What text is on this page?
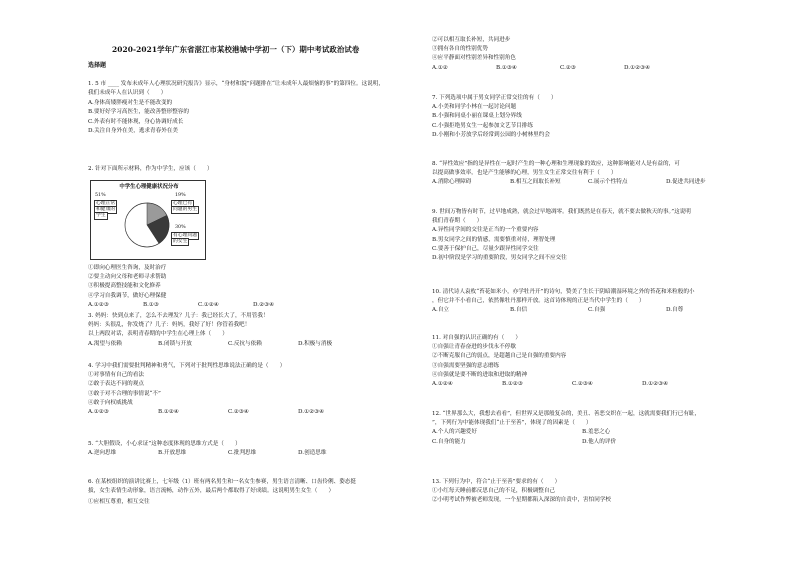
2020-2021学年广东省湛江市某校港城中学初一（下）期中考试政治试卷
选择题
1. 5 市 ____ 发布未成年人心理状况研究报告》显示，“身材和貌”问题排在“让未成年人最烦恼的事”的第四位。这说明，
我们未成年人在认识到（　　）
A.身体高矮胖瘦对生是不能改变的
B.要好好学习高医生，能改善整形整容的
C.外表有时不能体现，身心协调好成长
D.关注自身外在美，逃求青春外在美
2. 针对下面所示材料，作为中学生，应该（　　）
中学生心理健康状况分布
51%
心理正常
和健康的
学生
19%
心理已有
问题的男生
30%
有心理问题
的女生
①即向心理医生咨询，及时治疗
②要主动向父母和老师寻求帮助
③积极提高整技能和文化修养
④学习自我调节，做好心理保健
A.①②③	B.①③	C.①②④	D.②③④
3. 妈妈：快到点来了，怎么不去理发？儿子：我已经长大了，不用管我！
妈妈：头很乱，你发烧了？儿子：妈妈，我好了好！你管着我吧！
以上两段对话，表明青春期的中学生在心理上体（　　）
A.渴望与依赖	B.闭锁与开放	C.反抗与依赖	D.积极与消极
4. 学习中我们需要批判精神和勇气，下列对于批判性思维说法正确的是（　　）
①对事情有自己的看法
②敢于表达不同的观点
③敢于对不合理的事情说“不”
④敢于向权威挑战
A.①②③	B.①②④	C.②③④	D.①②③④
5. “大胆假设，小心求证”这种态度体现的思维方式是（　　）
A.逆向思维	B.开放思维	C.批判思维	D.创造思维
6. 在某校组织的演讲比赛上，七年级（1）班有两名男生和一名女生参赛，男生语言清晰、口齿伶俐、姿态挺
拔，女生表情生动形象，语言流畅，动作五外，最后两个都取得了好成绩。这说明男生女生（　　）
①应相互尊重，相互交往
②可以相互取长补短，共同进步
③拥有各自的性别优势
④应平静面对性别差异和性别角色
A.①②	B.①③④	C.②③	D.①②③④
7. 下列选项中属于男女同学正常交往的有（　　）
A.小美和同学小林在一起讨论问题
B.小强和同桌小丽在课桌上划分界线
C.小强拒绝男女生一起参加文艺节目排练
D.小刚和小芳放学后经常到公园的小树林里约会
8. “异性效应”指的是异性在一起时产生的一种心理和生理现象的效应，这种影响能对人是有益的，可
以提高做事效率，也是产生能够的心理，男生女生正常交往有利于（　　）
A.消除心理障碍	B.相互之间取长补短	C.展示个性特点	D.促进共同进步
9. 世间万物皆有时节，过早地成熟，就会过早地凋零。我们既然是在春天，就不要去做秋天的事。”这说明
我们青春期（　　）
A.异性同学间的交往是正当的一个重要内容
B.男女同学之间的情感，需要慎重对待，理智处理
C.要善于保护自己，尽量少跟异性同学交往
D.初中阶段是学习的重要阶段，男女同学之间不应交往
10. 清代诗人袁枚“苔花如米小，亦学牡丹开”的诗句，赞美了生长于阴暗潮湿环境之外的苔花和米粒般的小
，但它并不小看自己，依然像牡丹那样开放。这首诗体现的正是当代中学生的（　　）
A.自立	B.自信	C.自强	D.自尊
11. 对自强的认识正确的有（　　）
①自强让青春奋进的步伐永不停歇
②不断克服自己的弱点，是超越自己是自强的重要内容
③自强需要坚强的意志磨练
④自强就是要不断的进取和进取的精神
A.①②④	B.①②③	C.②③④	D.①②③④
12. “世界那么大，我想去看看”，但世界又是那般复杂的，美丑、善恶交织在一起，这就需要我们行已有耻，
”，下列行为中能体现我们“止于至善”，体现了的因素是（　　）
A.个人的兴趣爱好	B.羞恶之心
C.自身的能力	D.他人的评价
13. 下列行为中，符合“止于至善”要求的有（　　）
①小红每天睡前都反思自己的不足，积极调整自己
②小明考试作弊被老师发现，一个星期都陷入深深的自责中，害怕同学校
